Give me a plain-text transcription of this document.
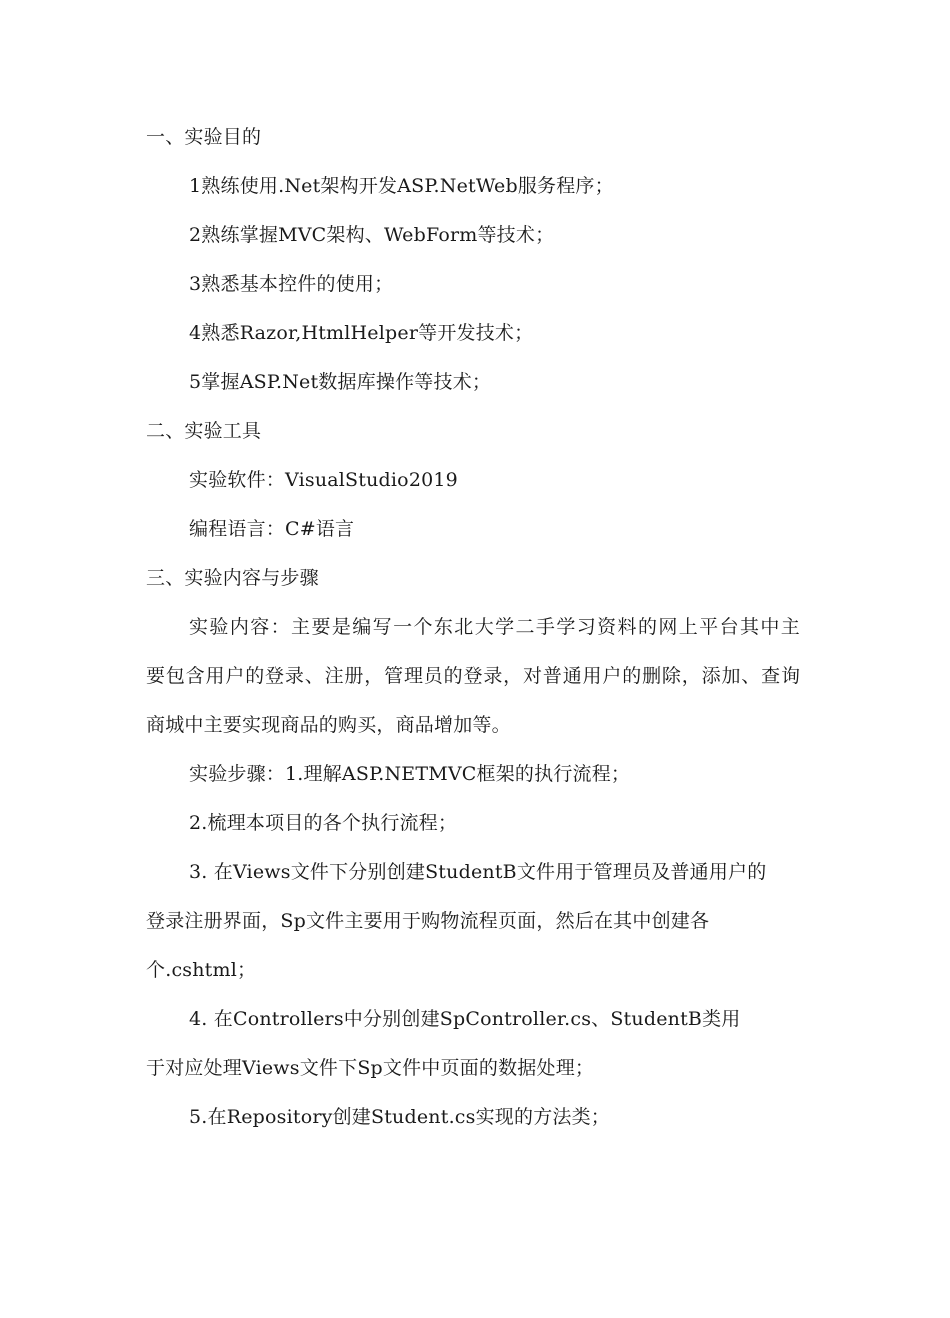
一、实验目的
1熟练使用.Net架构开发ASP.NetWeb服务程序；
2熟练掌握MVC架构、WebForm等技术；
3熟悉基本控件的使用；
4熟悉Razor,HtmlHelper等开发技术；
5掌握ASP.Net数据库操作等技术；
二、实验工具
实验软件：VisualStudio2019
编程语言：C#语言
三、实验内容与步骤
实验内容：主要是编写一个东北大学二手学习资料的网上平台其中主
要包含用户的登录、注册，管理员的登录，对普通用户的删除，添加、查询
商城中主要实现商品的购买，商品增加等。
实验步骤：1.理解ASP.NETMVC框架的执行流程；
2.梳理本项目的各个执行流程；
3. 在Views文件下分别创建StudentB文件用于管理员及普通用户的
登录注册界面，Sp文件主要用于购物流程页面，然后在其中创建各
个.cshtml；
4. 在Controllers中分别创建SpController.cs、StudentB类用
于对应处理Views文件下Sp文件中页面的数据处理；
5.在Repository创建Student.cs实现的方法类；
